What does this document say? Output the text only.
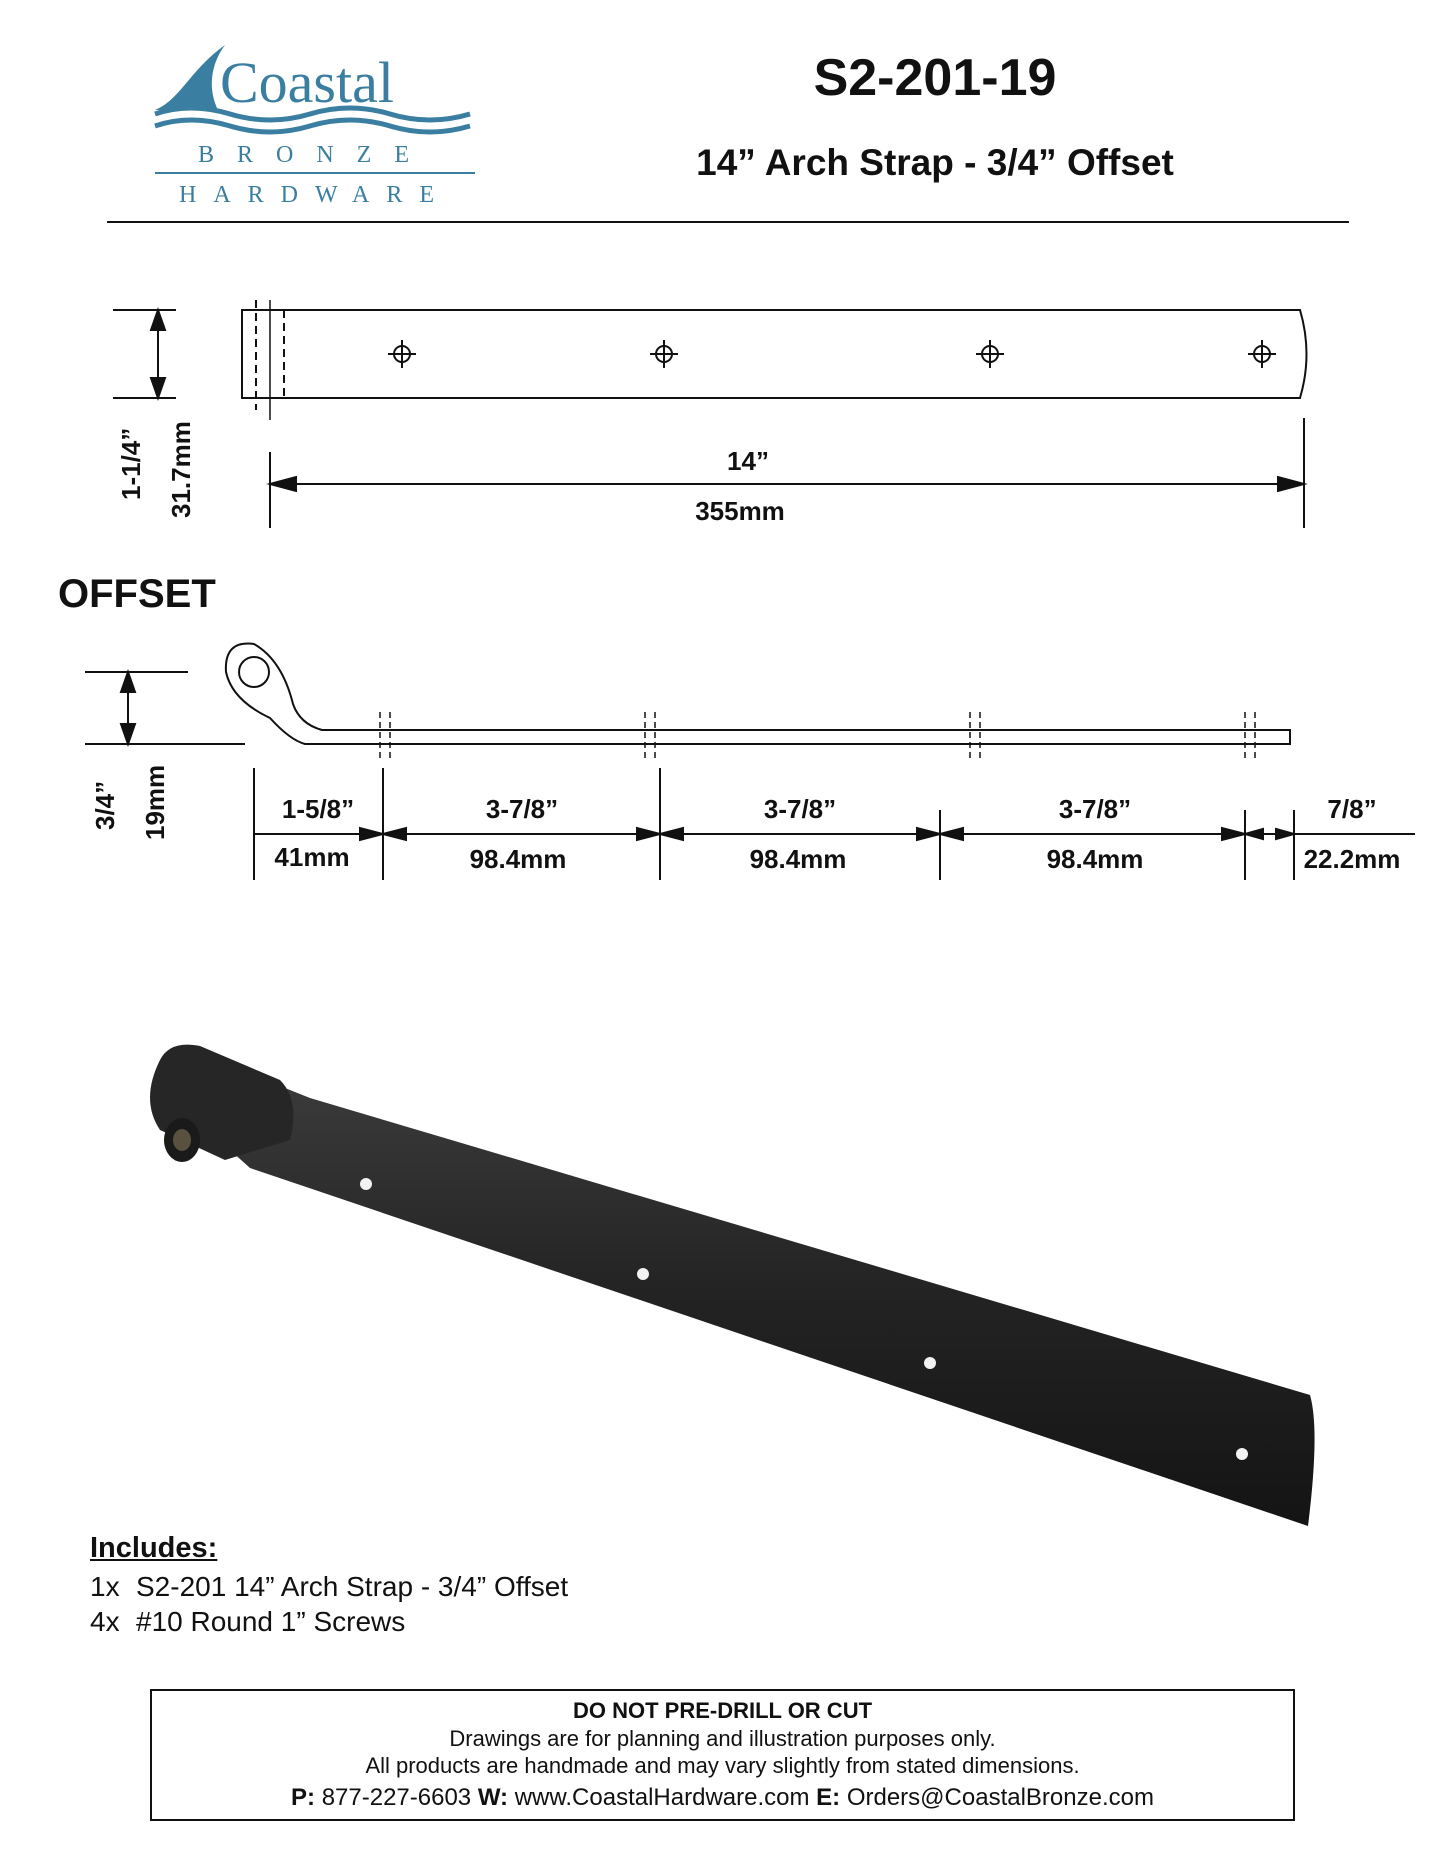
Coastal
BRONZE
HARDWARE
S2-201-19
14” Arch Strap - 3/4” Offset
1-1/4” 31.7mm	14”
355mm
3/4” 19mm	1-5/8”
41mm
3-7/8”
98.4mm
3-7/8”
98.4mm
3-7/8”
98.4mm
7/8”
22.2mm
OFFSET
Includes:
1x S2-201 14” Arch Strap - 3/4” Offset
4x #10 Round 1” Screws
DO NOT PRE-DRILL OR CUT
Drawings are for planning and illustration purposes only.
All products are handmade and may vary slightly from stated dimensions.
P: 877-227-6603 W: www.CoastalHardware.com E: Orders@CoastalBronze.com
